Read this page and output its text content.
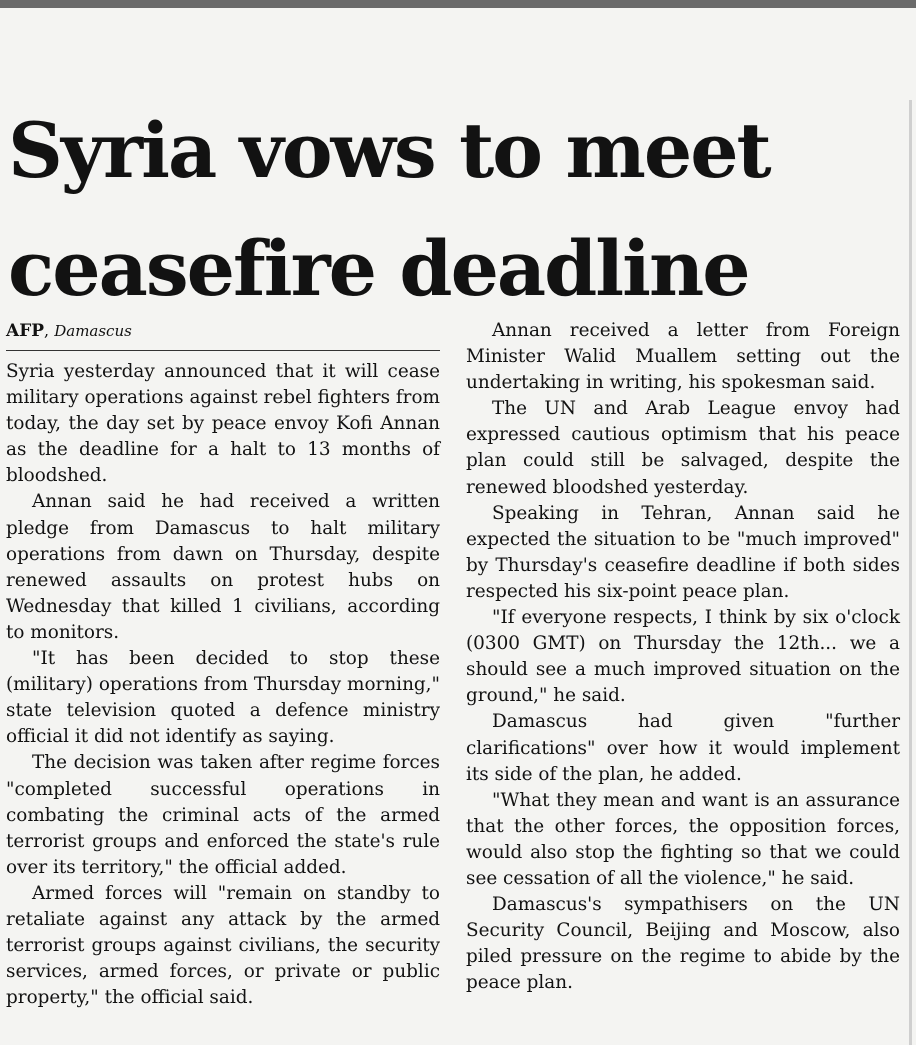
Syria vows to meet ceasefire deadline
AFP, Damascus

Syria yesterday announced that it will cease military operations against rebel fighters from today, the day set by peace envoy Kofi Annan as the deadline for a halt to 13 months of bloodshed.

Annan said he had received a written pledge from Damascus to halt military operations from dawn on Thursday, despite renewed assaults on protest hubs on Wednesday that killed 1 civilians, according to monitors.

"It has been decided to stop these (military) operations from Thursday morning," state television quoted a defence ministry official it did not identify as saying.

The decision was taken after regime forces "completed successful operations in combating the criminal acts of the armed terrorist groups and enforced the state's rule over its territory," the official added.

Armed forces will "remain on standby to retaliate against any attack by the armed terrorist groups against civilians, the security services, armed forces, or private or public property," the official said.

Annan received a letter from Foreign Minister Walid Muallem setting out the undertaking in writing, his spokesman said.

The UN and Arab League envoy had expressed cautious optimism that his peace plan could still be salvaged, despite the renewed bloodshed yesterday.

Speaking in Tehran, Annan said he expected the situation to be "much improved" by Thursday's ceasefire deadline if both sides respected his six-point peace plan.

"If everyone respects, I think by six o'clock (0300 GMT) on Thursday the 12th... we a should see a much improved situation on the ground," he said.

Damascus had given "further clarifications" over how it would implement its side of the plan, he added.

"What they mean and want is an assurance that the other forces, the opposition forces, would also stop the fighting so that we could see cessation of all the violence," he said.

Damascus's sympathisers on the UN Security Council, Beijing and Moscow, also piled pressure on the regime to abide by the peace plan.
